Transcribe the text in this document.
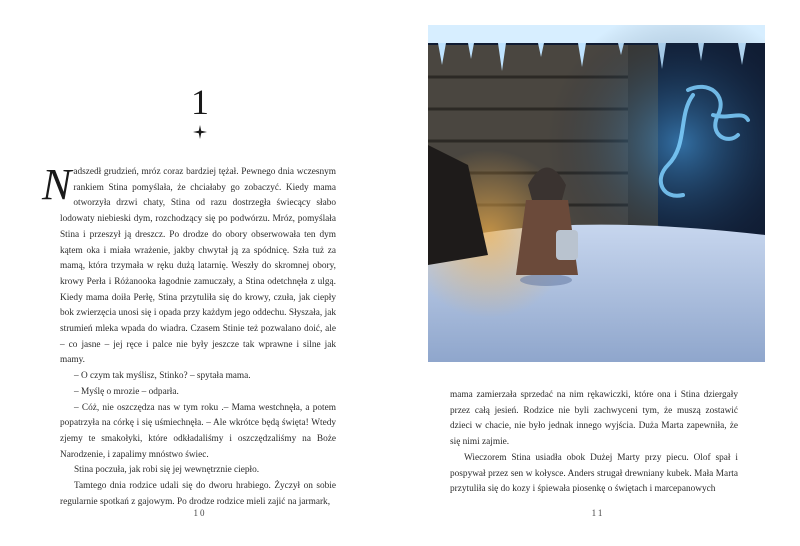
1

Nadszedł grudzień, mróz coraz bardziej tężał. Pewnego dnia wczesnym rankiem Stina pomyślała, że chciałaby go zobaczyć. Kiedy mama otworzyła drzwi chaty, Stina od razu dostrzegła świecący słabo lodowaty niebieski dym, rozchodzący się po podwórzu. Mróz, pomyślała Stina i przeszył ją dreszcz. Po drodze do obory obserwowała ten dym kątem oka i miała wrażenie, jakby chwytał ją za spódnicę. Szła tuż za mamą, która trzymała w ręku dużą latarnię. Weszły do skromnej obory, krowy Perła i Różanooka łagodnie zamuczały, a Stina odetchnęła z ulgą. Kiedy mama doiła Perłę, Stina przytuliła się do krowy, czuła, jak ciepły bok zwierzęcia unosi się i opada przy każdym jego oddechu. Słyszała, jak strumień mleka wpada do wiadra. Czasem Stinie też pozwalano doić, ale – co jasne – jej ręce i palce nie były jeszcze tak wprawne i silne jak mamy.

– O czym tak myślisz, Stinko? – spytała mama.

– Myślę o mrozie – odparła.

– Cóż, nie oszczędza nas w tym roku .– Mama westchnęła, a potem popatrzyła na córkę i się uśmiechnęła. – Ale wkrótce będą święta! Wtedy zjemy te smakołyki, które odkładaliśmy i oszczędzaliśmy na Boże Narodzenie, i zapalimy mnóstwo świec.

Stina poczuła, jak robi się jej wewnętrznie ciepło.

Tamtego dnia rodzice udali się do dworu hrabiego. Życzył on sobie regularnie spotkań z gajowym. Po drodze rodzice mieli zajić na jarmark,

10

mama zamierzała sprzedać na nim rękawiczki, które ona i Stina dziergały przez całą jesień. Rodzice nie byli zachwyceni tym, że muszą zostawić dzieci w chacie, nie było jednak innego wyjścia. Duża Marta zapewniła, że się nimi zajmie.

Wieczorem Stina usiadła obok Dużej Marty przy piecu. Olof spał i pospywał przez sen w kołysce. Anders strugał drewniany kubek. Mała Marta przytuliła się do kozy i śpiewała piosenkę o świętach i marcepanowych

11
